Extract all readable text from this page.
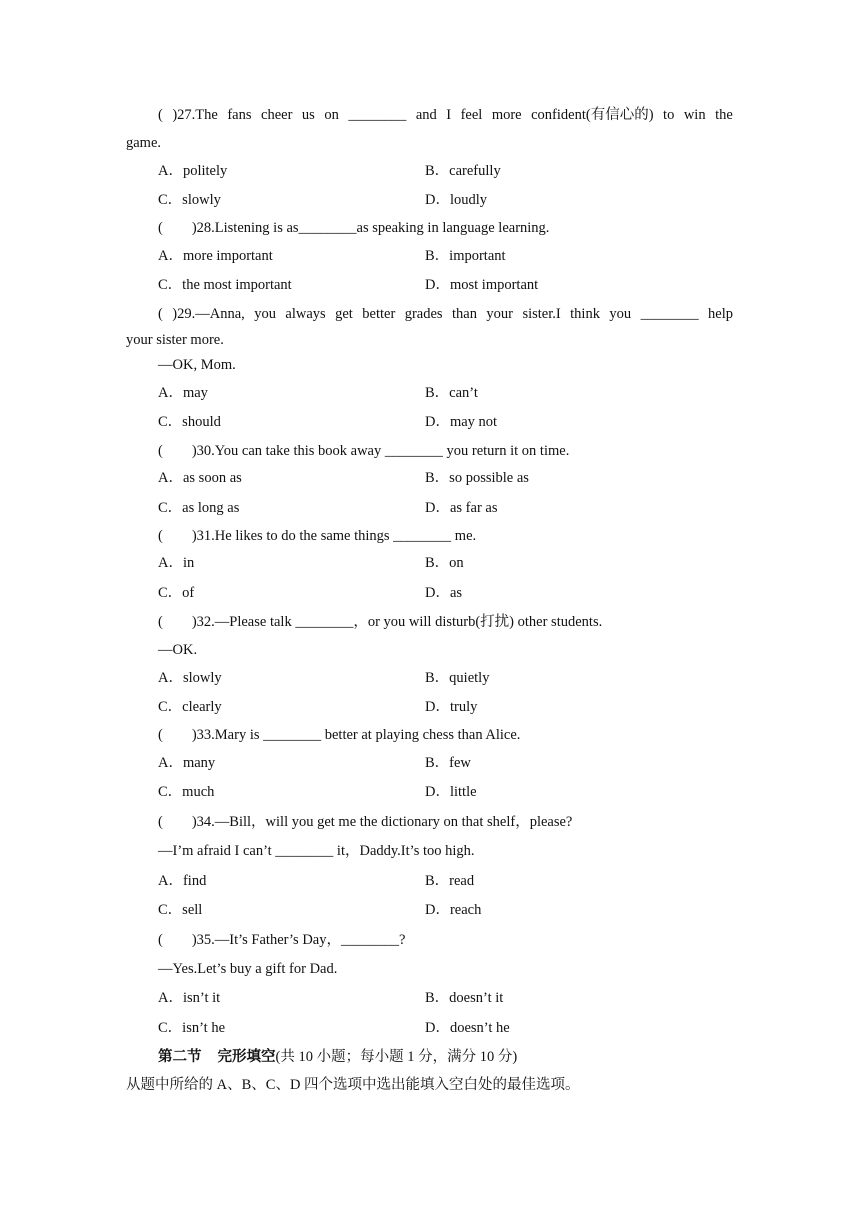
( )27.The fans cheer us on ________ and I feel more confident(有信心的) to win the
game.
A．politely	B．carefully
C．slowly	D．loudly
(　　)28.Listening is as________as speaking in language learning.
A．more important	B．important
C．the most important	D．most important
( )29.—Anna, you always get better grades than your sister.I think you ________ help
your sister more.
—OK, Mom.
A．may	B．can’t
C．should	D．may not
(　　)30.You can take this book away ________ you return it on time.
A．as soon as	B．so possible as
C．as long as	D．as far as
(　　)31.He likes to do the same things ________ me.
A．in	B．on
C．of	D．as
(　　)32.—Please talk ________，or you will disturb(打扰) other students.
—OK.
A．slowly	B．quietly
C．clearly	D．truly
(　　)33.Mary is ________ better at playing chess than Alice.
A．many	B．few
C．much	D．little
(　　)34.—Bill，will you get me the dictionary on that shelf，please?
—I’m afraid I can’t ________ it，Daddy.It’s too high.
A．find	B．read
C．sell	D．reach
(　　)35.—It’s Father’s Day，________?
—Yes.Let’s buy a gift for Dad.
A．isn’t it	B．doesn’t it
C．isn’t he	D．doesn’t he
第二节 完形填空(共 10 小题；每小题 1 分，满分 10 分)
从题中所给的 A、B、C、D 四个选项中选出能填入空白处的最佳选项。
